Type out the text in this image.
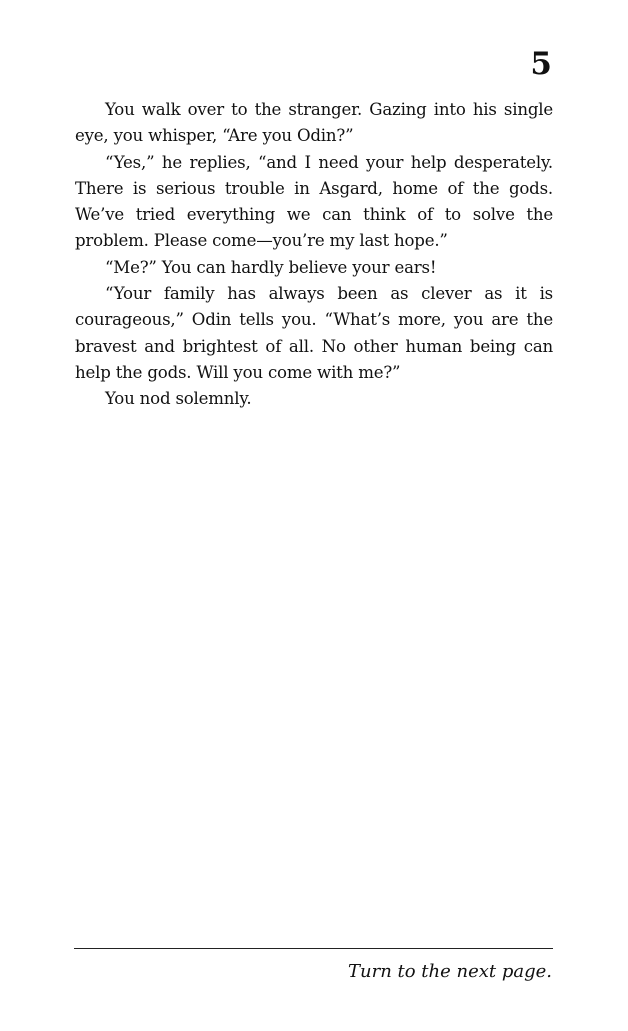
5

You walk over to the stranger. Gazing into his single eye, you whisper, “Are you Odin?”

“Yes,” he replies, “and I need your help desperately. There is serious trouble in Asgard, home of the gods. We’ve tried everything we can think of to solve the problem. Please come—you’re my last hope.”

“Me?” You can hardly believe your ears!

“Your family has always been as clever as it is courageous,” Odin tells you. “What’s more, you are the bravest and brightest of all. No other human being can help the gods. Will you come with me?”

You nod solemnly.

Turn to the next page.
